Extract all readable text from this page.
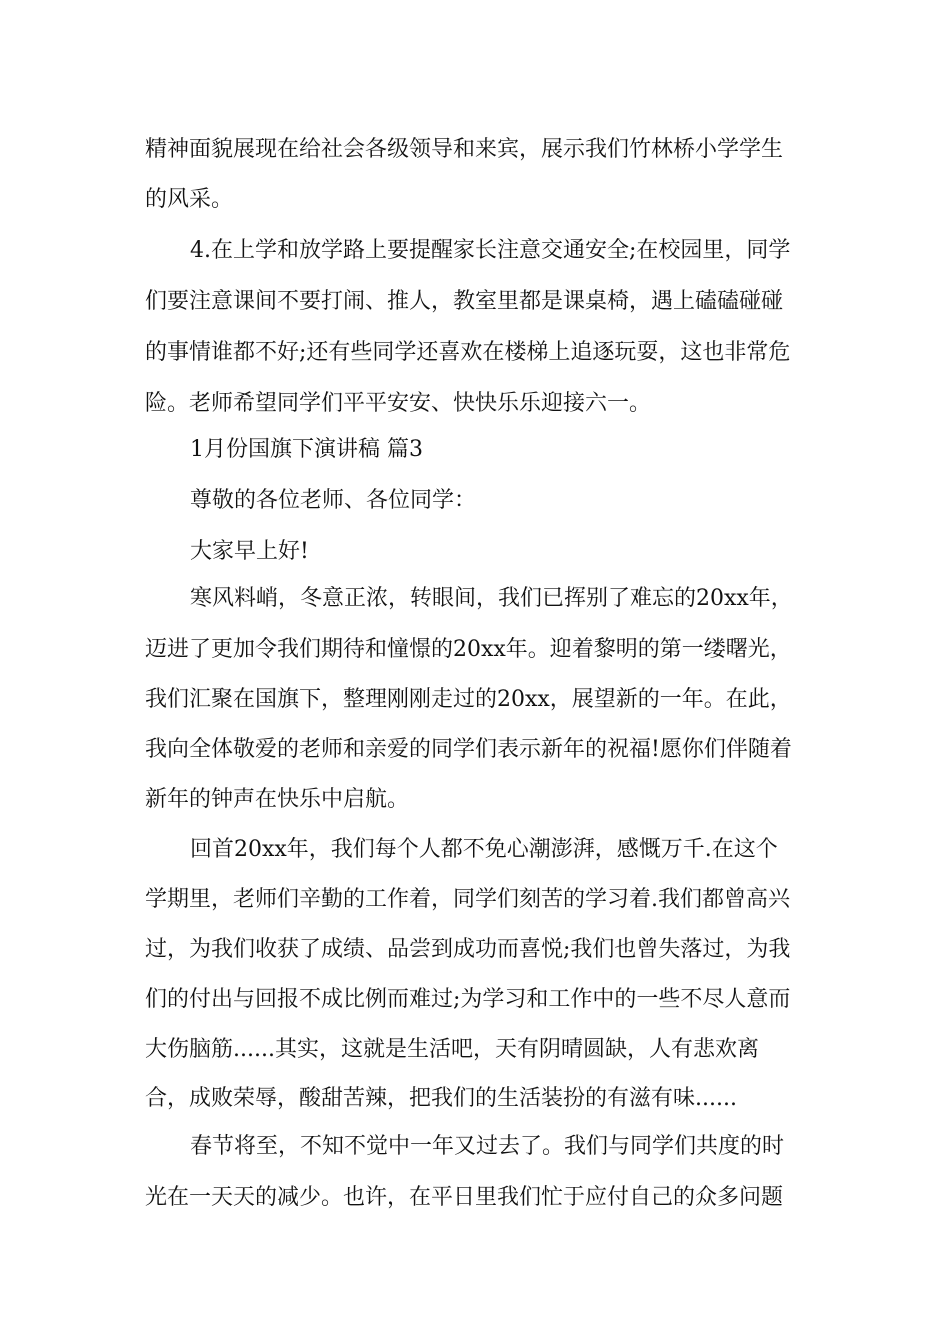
精神面貌展现在给社会各级领导和来宾，展示我们竹林桥小学学生
的风采。
4.在上学和放学路上要提醒家长注意交通安全;在校园里，同学
们要注意课间不要打闹、推人，教室里都是课桌椅，遇上磕磕碰碰
的事情谁都不好;还有些同学还喜欢在楼梯上追逐玩耍，这也非常危
险。老师希望同学们平平安安、快快乐乐迎接六一。
1月份国旗下演讲稿 篇3
尊敬的各位老师、各位同学：
大家早上好!
寒风料峭，冬意正浓，转眼间，我们已挥别了难忘的20xx年，
迈进了更加令我们期待和憧憬的20xx年。迎着黎明的第一缕曙光，
我们汇聚在国旗下，整理刚刚走过的20xx，展望新的一年。在此，
我向全体敬爱的老师和亲爱的同学们表示新年的祝福!愿你们伴随着
新年的钟声在快乐中启航。
回首20xx年，我们每个人都不免心潮澎湃，感慨万千.在这个
学期里，老师们辛勤的工作着，同学们刻苦的学习着.我们都曾高兴
过，为我们收获了成绩、品尝到成功而喜悦;我们也曾失落过，为我
们的付出与回报不成比例而难过;为学习和工作中的一些不尽人意而
大伤脑筋......其实，这就是生活吧，天有阴晴圆缺，人有悲欢离
合，成败荣辱，酸甜苦辣，把我们的生活装扮的有滋有味......
春节将至，不知不觉中一年又过去了。我们与同学们共度的时
光在一天天的减少。也许，在平日里我们忙于应付自己的众多问题
